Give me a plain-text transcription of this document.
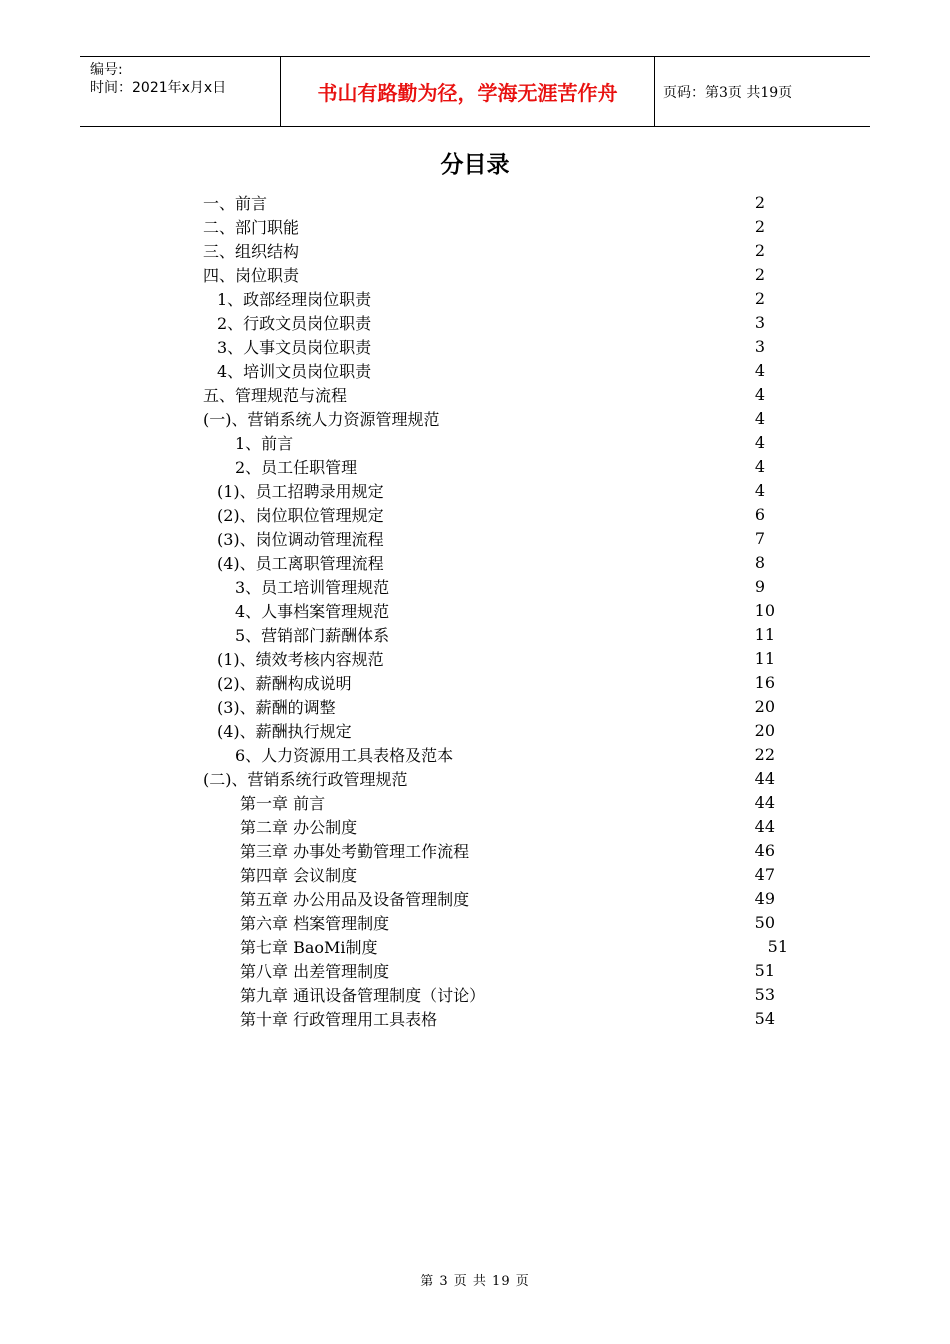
编号:
时间：2021年x月x日	书山有路勤为径，学海无涯苦作舟	页码：第3页 共19页
分目录
一、前言	2
二、部门职能	2
三、组织结构	2
四、岗位职责	2
1、政部经理岗位职责	2
2、行政文员岗位职责	3
3、人事文员岗位职责	3
4、培训文员岗位职责	4
五、管理规范与流程	4
(一)、营销系统人力资源管理规范	4
1、前言	4
2、员工任职管理	4
(1)、员工招聘录用规定	4
(2)、岗位职位管理规定	6
(3)、岗位调动管理流程	7
(4)、员工离职管理流程	8
3、员工培训管理规范	9
4、人事档案管理规范	10
5、营销部门薪酬体系	11
(1)、绩效考核内容规范	11
(2)、薪酬构成说明	16
(3)、薪酬的调整	20
(4)、薪酬执行规定	20
6、人力资源用工具表格及范本	22
(二)、营销系统行政管理规范	44
第一章 前言	44
第二章 办公制度	44
第三章 办事处考勤管理工作流程	46
第四章 会议制度	47
第五章 办公用品及设备管理制度	49
第六章 档案管理制度	50
第七章 BaoMi制度	51
第八章 出差管理制度	51
第九章 通讯设备管理制度（讨论）	53
第十章 行政管理用工具表格	54
第 3 页 共 19 页
